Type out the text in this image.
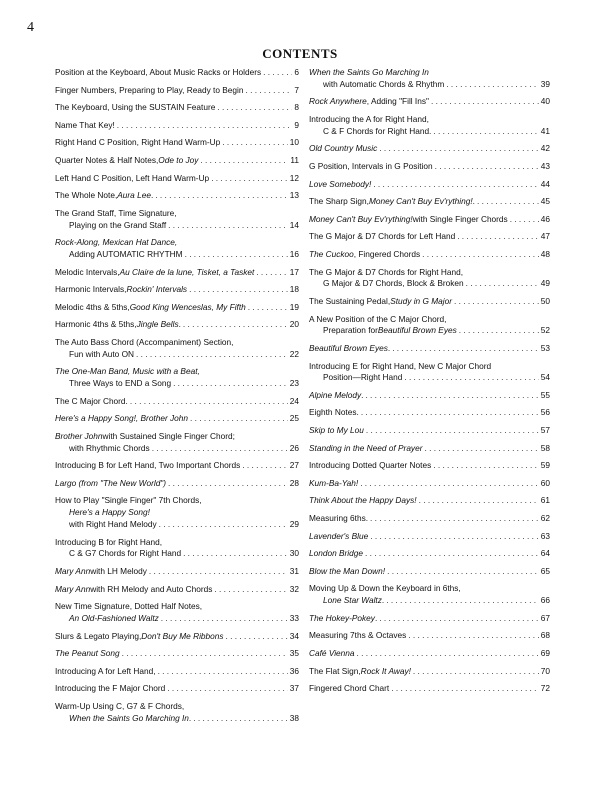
4
CONTENTS
Position at the Keyboard, About Music Racks or Holders . . .	6
Finger Numbers, Preparing to Play, Ready to Begin . . .	7
The Keyboard, Using the SUSTAIN Feature . . .	8
Name That Key! . . .	9
Right Hand C Position, Right Hand Warm-Up . . .	10
Quarter Notes & Half Notes, Ode to Joy . . .	11
Left Hand C Position, Left Hand Warm-Up . . .	12
The Whole Note, Aura Lee . . . .	13
The Grand Staff, Time Signature,
Playing on the Grand Staff . . .	14
Rock-Along, Mexican Hat Dance,
Adding AUTOMATIC RHYTHM . . .	16
Melodic Intervals, Au Claire de la lune, Tisket, a Tasket . . .	17
Harmonic Intervals, Rockin' Intervals . . .	18
Melodic 4ths & 5ths, Good King Wenceslas, My Fifth . . .	19
Harmonic 4ths & 5ths, Jingle Bells . . . .	20
The Auto Bass Chord (Accompaniment) Section,
Fun with Auto ON . . .	22
The One-Man Band, Music with a Beat,
Three Ways to END a Song . . .	23
The C Major Chord. . . .	24
Here's a Happy Song!, Brother John . . .	25
Brother John with Sustained Single Finger Chord;
with Rhythmic Chords . . .	26
Introducing B for Left Hand, Two Important Chords . . .	27
Largo (from "The New World") . . .	28
How to Play "Single Finger" 7th Chords,
Here's a Happy Song!
with Right Hand Melody . . .	29
Introducing B for Right Hand,
C & G7 Chords for Right Hand . . .	30
Mary Ann with LH Melody . . .	31
Mary Ann with RH Melody and Auto Chords . . .	32
New Time Signature, Dotted Half Notes,
An Old-Fashioned Waltz . . .	33
Slurs & Legato Playing, Don't Buy Me Ribbons . . .	34
The Peanut Song . . .	35
Introducing A for Left Hand, . . .	36
Introducing the F Major Chord . . .	37
Warm-Up Using C, G7 & F Chords,
When the Saints Go Marching In . . . .	38
When the Saints Go Marching In
with Automatic Chords & Rhythm . . .	39
Rock Anywhere , Adding "Fill Ins" . . .	40
Introducing the A for Right Hand,
C & F Chords for Right Hand. . . .	41
Old Country Music . . .	42
G Position, Intervals in G Position . . .	43
Love Somebody! . . .	44
The Sharp Sign, Money Can't Buy Ev'rything! . . . .	45
Money Can't Buy Ev'rything! with Single Finger Chords . . .	46
The G Major & D7 Chords for Left Hand . . .	47
The Cuckoo , Fingered Chords . . .	48
The G Major & D7 Chords for Right Hand,
G Major & D7 Chords, Block & Broken . . .	49
The Sustaining Pedal, Study in G Major . . .	50
A New Position of the C Major Chord,
Preparation for Beautiful Brown Eyes . . .	52
Beautiful Brown Eyes . . . .	53
Introducing E for Right Hand, New C Major Chord
Position—Right Hand . . .	54
Alpine Melody . . . .	55
Eighth Notes. . . .	56
Skip to My Lou . . .	57
Standing in the Need of Prayer . . .	58
Introducing Dotted Quarter Notes . . .	59
Kum-Ba-Yah! . . .	60
Think About the Happy Days! . . .	61
Measuring 6ths. . . .	62
Lavender's Blue . . .	63
London Bridge . . .	64
Blow the Man Down! . . .	65
Moving Up & Down the Keyboard in 6ths,
Lone Star Waltz . . . .	66
The Hokey-Pokey . . . .	67
Measuring 7ths & Octaves . . .	68
Café Vienna . . .	69
The Flat Sign, Rock It Away! . . .	70
Fingered Chord Chart . . .	72
